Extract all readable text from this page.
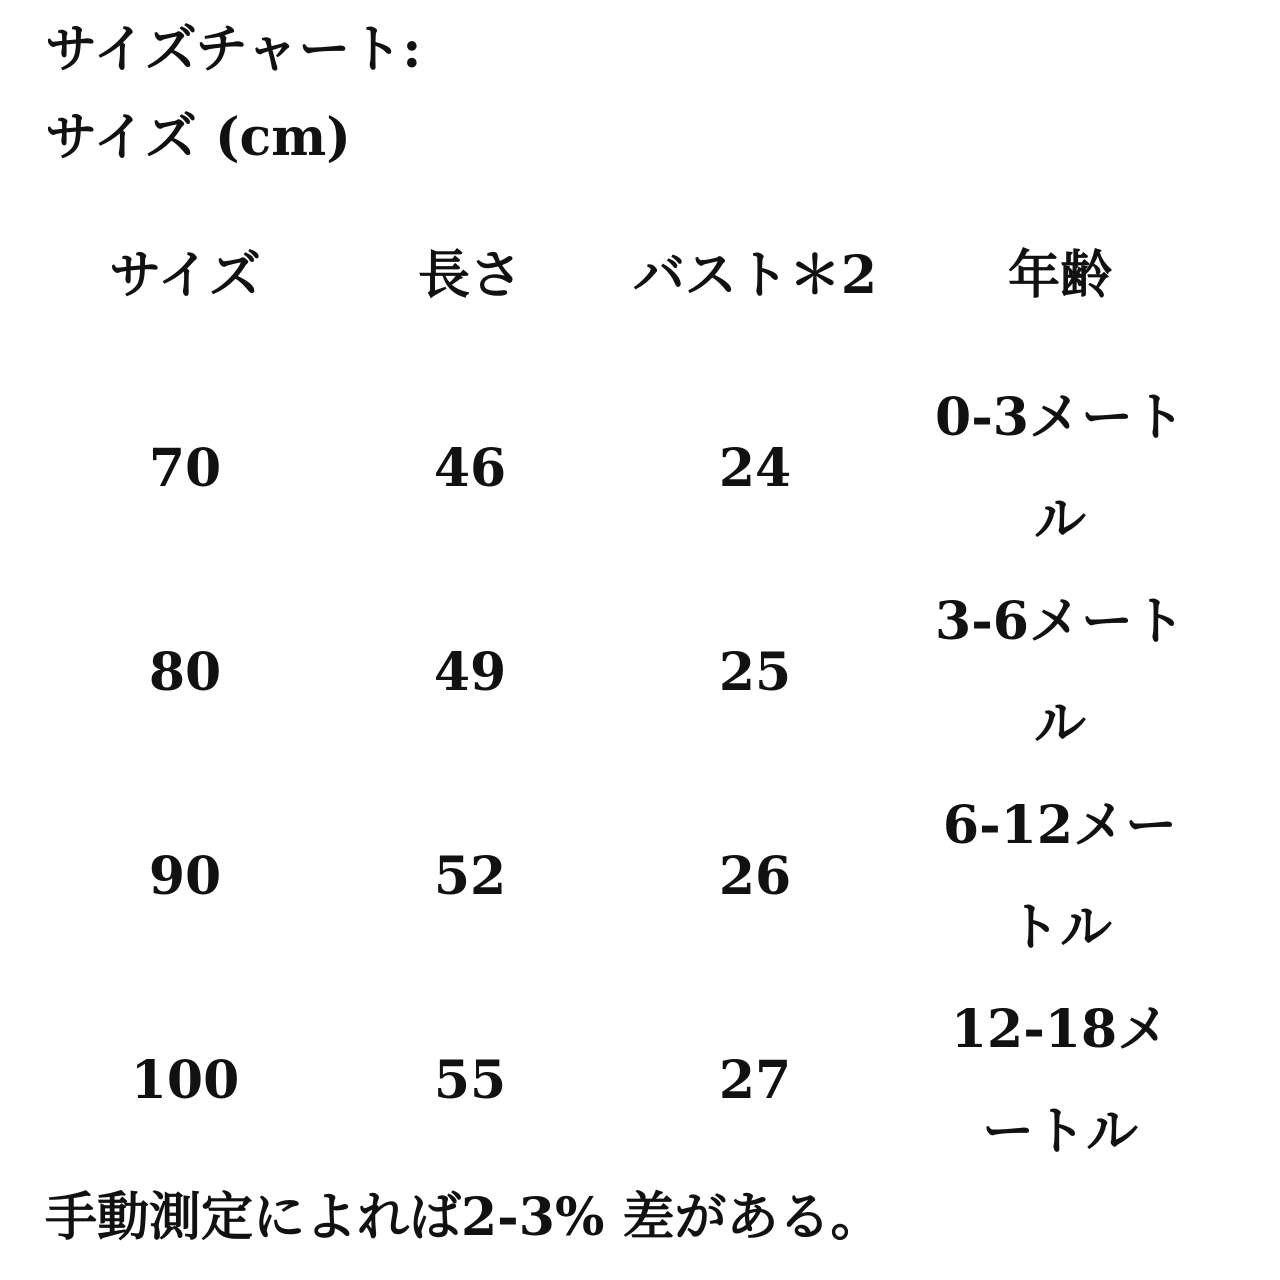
サイズチャート:
サイズ (cm)
サイズ	長さ	バスト＊2	年齢

70	46	24	0-3メートル
80	49	25	3-6メートル
90	52	26	6-12メートル
100	55	27	12-18メートル
手動測定によれば2-3% 差がある。
